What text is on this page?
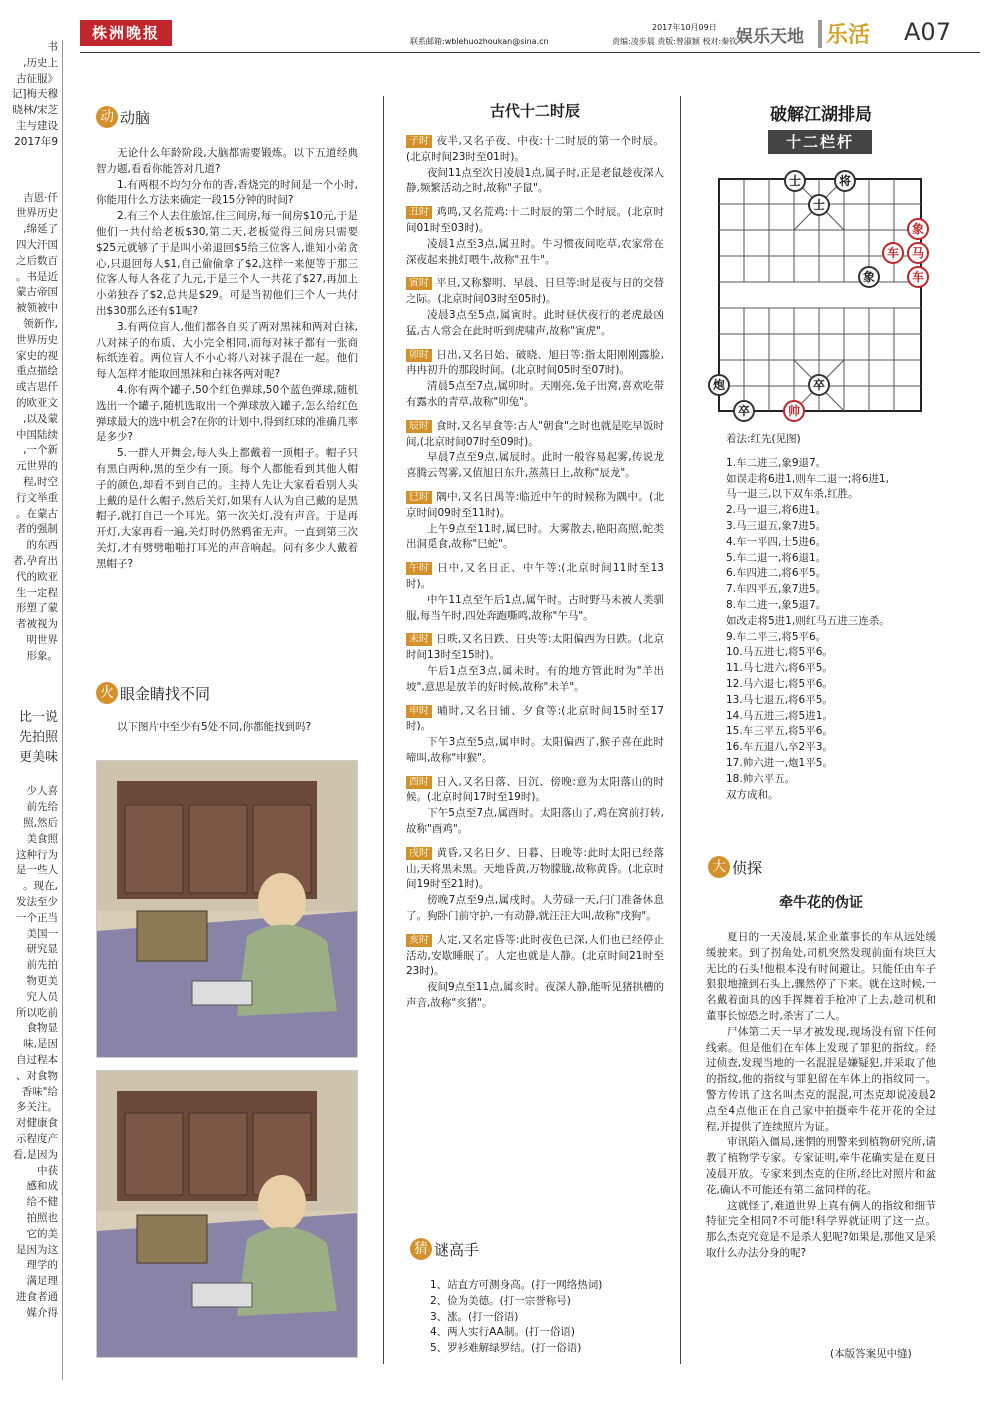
株洲晚报	联系邮箱:wblehuozhoukan@sina.cn
2017年10月09日
责编:凌步晨 责版:曾淑颖 校对:秦钦
娱乐天地 乐活 A07

书

,历史上

古征服》

记]梅天穆

晓林/宋芝

主与建设

2017年9

吉恩·仟

世界历史

,绵延了

四大汗国

之后数百

。书是近

蒙古帝国

被领被中

领新作,

世界历史

家史的视

重点描绘

或吉思仟

的欧亚文

,以及蒙

中国陆续

,一个新

元世界的

程,时空

行文举重

。在蒙古

者的强制

的东西

者,孕育出

代的欧亚

生一定程

形塑了蒙

者被视为

明世界

形象。

比一说

先拍照

更美味

少人喜

前先给

照,然后

美食照

这种行为

是一些人

。现在,

发法至少

一个正当

美国一

研究显

前先拍

物更美

究人员

所以吃前

食物显

味,是因

自过程本

、对食物

香味"给

多关注。

对健康食

示程度产

看,是因为

中获

感和成

给不健

拍照也

它的美

是因为这

理学的

满足理

进食者通

媒介得

动 动脑

无论什么年龄阶段,大脑都需要锻炼。以下五道经典智力题,看看你能答对几道?

1.有两根不均匀分布的香,香烧完的时间是一个小时,你能用什么方法来确定一段15分钟的时间?

2.有三个人去住旅馆,住三间房,每一间房$10元,于是他们一共付给老板$30,第二天,老板觉得三间房只需要$25元就够了于是叫小弟退回$5给三位客人,谁知小弟贪心,只退回每人$1,自己偷偷拿了$2,这样一来便等于那三位客人每人各花了九元,于是三个人一共花了$27,再加上小弟独吞了$2,总共是$29。可是当初他们三个人一共付出$30那么还有$1呢?

3.有两位盲人,他们都各自买了两对黑袜和两对白袜,八对袜子的布质、大小完全相同,而每对袜子都有一张商标纸连着。两位盲人不小心将八对袜子混在一起。他们每人怎样才能取回黑袜和白袜各两对呢?

4.你有两个罐子,50个红色弹球,50个蓝色弹球,随机选出一个罐子,随机选取出一个弹球放入罐子,怎么给红色弹球最大的选中机会?在你的计划中,得到红球的准确几率是多少?

5.一群人开舞会,每人头上都戴着一顶帽子。帽子只有黑白两种,黑的至少有一顶。每个人都能看到其他人帽子的颜色,却看不到自己的。主持人先让大家看看别人头上戴的是什么帽子,然后关灯,如果有人认为自己戴的是黑帽子,就打自己一个耳光。第一次关灯,没有声音。于是再开灯,大家再看一遍,关灯时仍然鸦雀无声。一直到第三次关灯,才有劈劈啪啪打耳光的声音响起。问有多少人戴着黑帽子?

火 眼金睛找不同

以下图片中至少有5处不同,你都能找到吗?

古代十二时辰

子时 夜半,又名子夜、中夜:十二时辰的第一个时辰。(北京时间23时至01时)。

夜间11点至次日凌晨1点,属子时,正是老鼠趁夜深人静,频繁活动之时,故称"子鼠"。

丑时 鸡鸣,又名荒鸡:十二时辰的第二个时辰。(北京时间01时至03时)。

凌晨1点至3点,属丑时。牛习惯夜间吃草,农家常在深夜起来挑灯喂牛,故称"丑牛"。

寅时 平旦,又称黎明、早晨、日旦等:时是夜与日的交替之际。(北京时间03时至05时)。

凌晨3点至5点,属寅时。此时昼伏夜行的老虎最凶猛,古人常会在此时听到虎啸声,故称"寅虎"。

卯时 日出,又名日始、破晓、旭日等:指太阳刚刚露脸,冉冉初升的那段时间。(北京时间05时至07时)。

清晨5点至7点,属卯时。天刚亮,兔子出窝,喜欢吃带有露水的青草,故称"卯兔"。

辰时 食时,又名早食等:古人"朝食"之时也就是吃早饭时间,(北京时间07时至09时)。

早晨7点至9点,属辰时。此时一般容易起雾,传说龙喜腾云驾雾,又值旭日东升,蒸蒸日上,故称"辰龙"。

巳时 隅中,又名日禺等:临近中午的时候称为隅中。(北京时间09时至11时)。

上午9点至11时,属巳时。大雾散去,艳阳高照,蛇类出洞觅食,故称"巳蛇"。

午时 日中,又名日正、中午等:(北京时间11时至13时)。

中午11点至午后1点,属午时。古时野马未被人类驯服,每当午时,四处奔跑嘶鸣,故称"午马"。

未时 日昳,又名日跌、日央等:太阳偏西为日跌。(北京时间13时至15时)。

午后1点至3点,属未时。有的地方管此时为"羊出坡",意思是放羊的好时候,故称"未羊"。

申时 晡时,又名日铺、夕食等:(北京时间15时至17时)。

下午3点至5点,属申时。太阳偏西了,猴子喜在此时啼叫,故称"申猴"。

酉时 日入,又名日落、日沉、傍晚:意为太阳落山的时候。(北京时间17时至19时)。

下午5点至7点,属酉时。太阳落山了,鸡在窝前打转,故称"酉鸡"。

戌时 黄昏,又名日夕、日暮、日晚等:此时太阳已经落山,天将黑未黑。天地昏黄,万物朦胧,故称黄昏。(北京时间19时至21时)。

傍晚7点至9点,属戌时。人劳碌一天,闩门准备休息了。狗卧门前守护,一有动静,就汪汪大叫,故称"戌狗"。

亥时 人定,又名定昏等:此时夜色已深,人们也已经停止活动,安歇睡眠了。人定也就是人静。(北京时间21时至23时)。

夜间9点至11点,属亥时。夜深人静,能听见猪拱槽的声音,故称"亥猪"。

猜 谜高手

1、站直方可测身高。(打一网络热词)

2、俭为美德。(打一宗誉称号)

3、涨。(打一俗语)

4、两人实行AA制。(打一俗语)

5、罗衫难解绿罗结。(打一俗语)

破解江湖排局
十二栏杆
士	将
士
象
车	马
车
象
炮
卒
卒
帅

着法:红先(见图)

1.车二进三,象9退7。

如误走将6进1,则车二退一;将6进1,

马一退三,以下双车杀,红胜。

2.马一退三,将6进1。

3.马三退五,象7进5。

4.车一平四,士5进6。

5.车二退一,将6退1。

6.车四进二,将6平5。

7.车四平五,象7进5。

8.车二进一,象5退7。

如改走将5进1,则红马五进三连杀。

9.车二平三,将5平6。

10.马五进七,将5平6。

11.马七进六,将6平5。

12.马六退七,将5平6。

13.马七退五,将6平5。

14.马五进三,将5进1。

15.车三平五,将5平6。

16.车五退八,卒2平3。

17.帅六进一,炮1平5。

18.帅六平五。

双方成和。

大 侦探
牵牛花的伪证

夏日的一天凌晨,某企业董事长的车从远处缓缓驶来。到了拐角处,司机突然发现前面有块巨大无比的石头!他根本没有时间避让。只能任由车子狠狠地撞到石头上,骤然停了下来。就在这时候,一名戴着面具的凶手挥舞着手枪冲了上去,趁司机和董事长惊恐之时,杀害了二人。

尸体第二天一早才被发现,现场没有留下任何线索。但是他们在车体上发现了罪犯的指纹。经过侦查,发现当地的一名混混是嫌疑犯,并采取了他的指纹,他的指纹与罪犯留在车体上的指纹同一。警方传讯了这名叫杰克的混混,可杰克却说凌晨2点至4点他正在自己家中拍摄牵牛花开花的全过程,并提供了连续照片为证。

审讯陷入僵局,迷惘的刑警来到植物研究所,请教了植物学专家。专家证明,牵牛花确实是在夏日凌晨开放。专家来到杰克的住所,经比对照片和盆花,确认不可能还有第二盆同样的花。

这就怪了,难道世界上真有俩人的指纹和细节特征完全相同?不可能!科学界就证明了这一点。那么杰克究竟是不是杀人犯呢?如果是,那他又是采取什么办法分身的呢?

(本版答案见中缝)
